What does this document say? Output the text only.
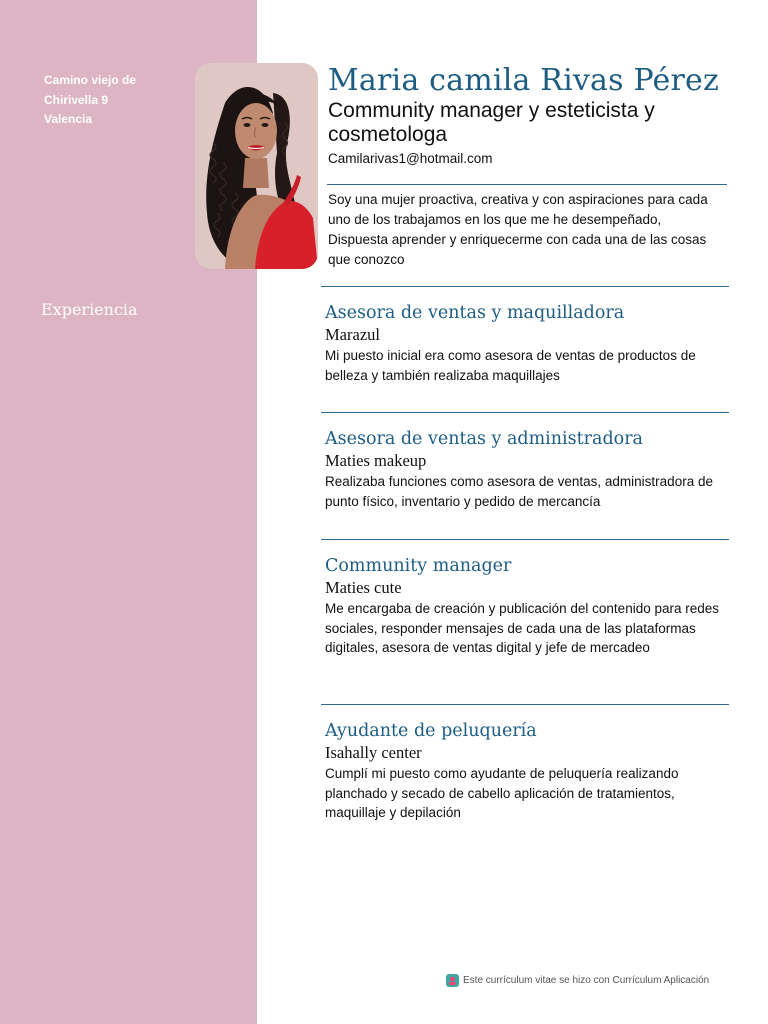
Camino viejo de
Chirivella 9
Valencia
Experiencia
Maria camila Rivas Pérez
Community manager y esteticista y cosmetologa
Camilarivas1@hotmail.com
Soy una mujer proactiva, creativa y con aspiraciones para cada uno de los trabajamos en los que me he desempeñado, Dispuesta aprender y enriquecerme con cada una de las cosas que conozco
Asesora de ventas y maquilladora
Marazul
Mi puesto inicial era como asesora de ventas de productos de belleza y también realizaba maquillajes
Asesora de ventas y administradora
Maties makeup
Realizaba funciones como asesora de ventas, administradora de punto físico, inventario y pedido de mercancía
Community manager
Maties cute
Me encargaba de creación y publicación del contenido para redes sociales, responder mensajes de cada una de las plataformas digitales, asesora de ventas digital y jefe de mercadeo
Ayudante de peluquería
Isahally center
Cumplí mi puesto como ayudante de peluquería realizando planchado y secado de cabello aplicación de tratamientos, maquillaje y depilación
Este currículum vitae se hizo con Currículum Aplicación
